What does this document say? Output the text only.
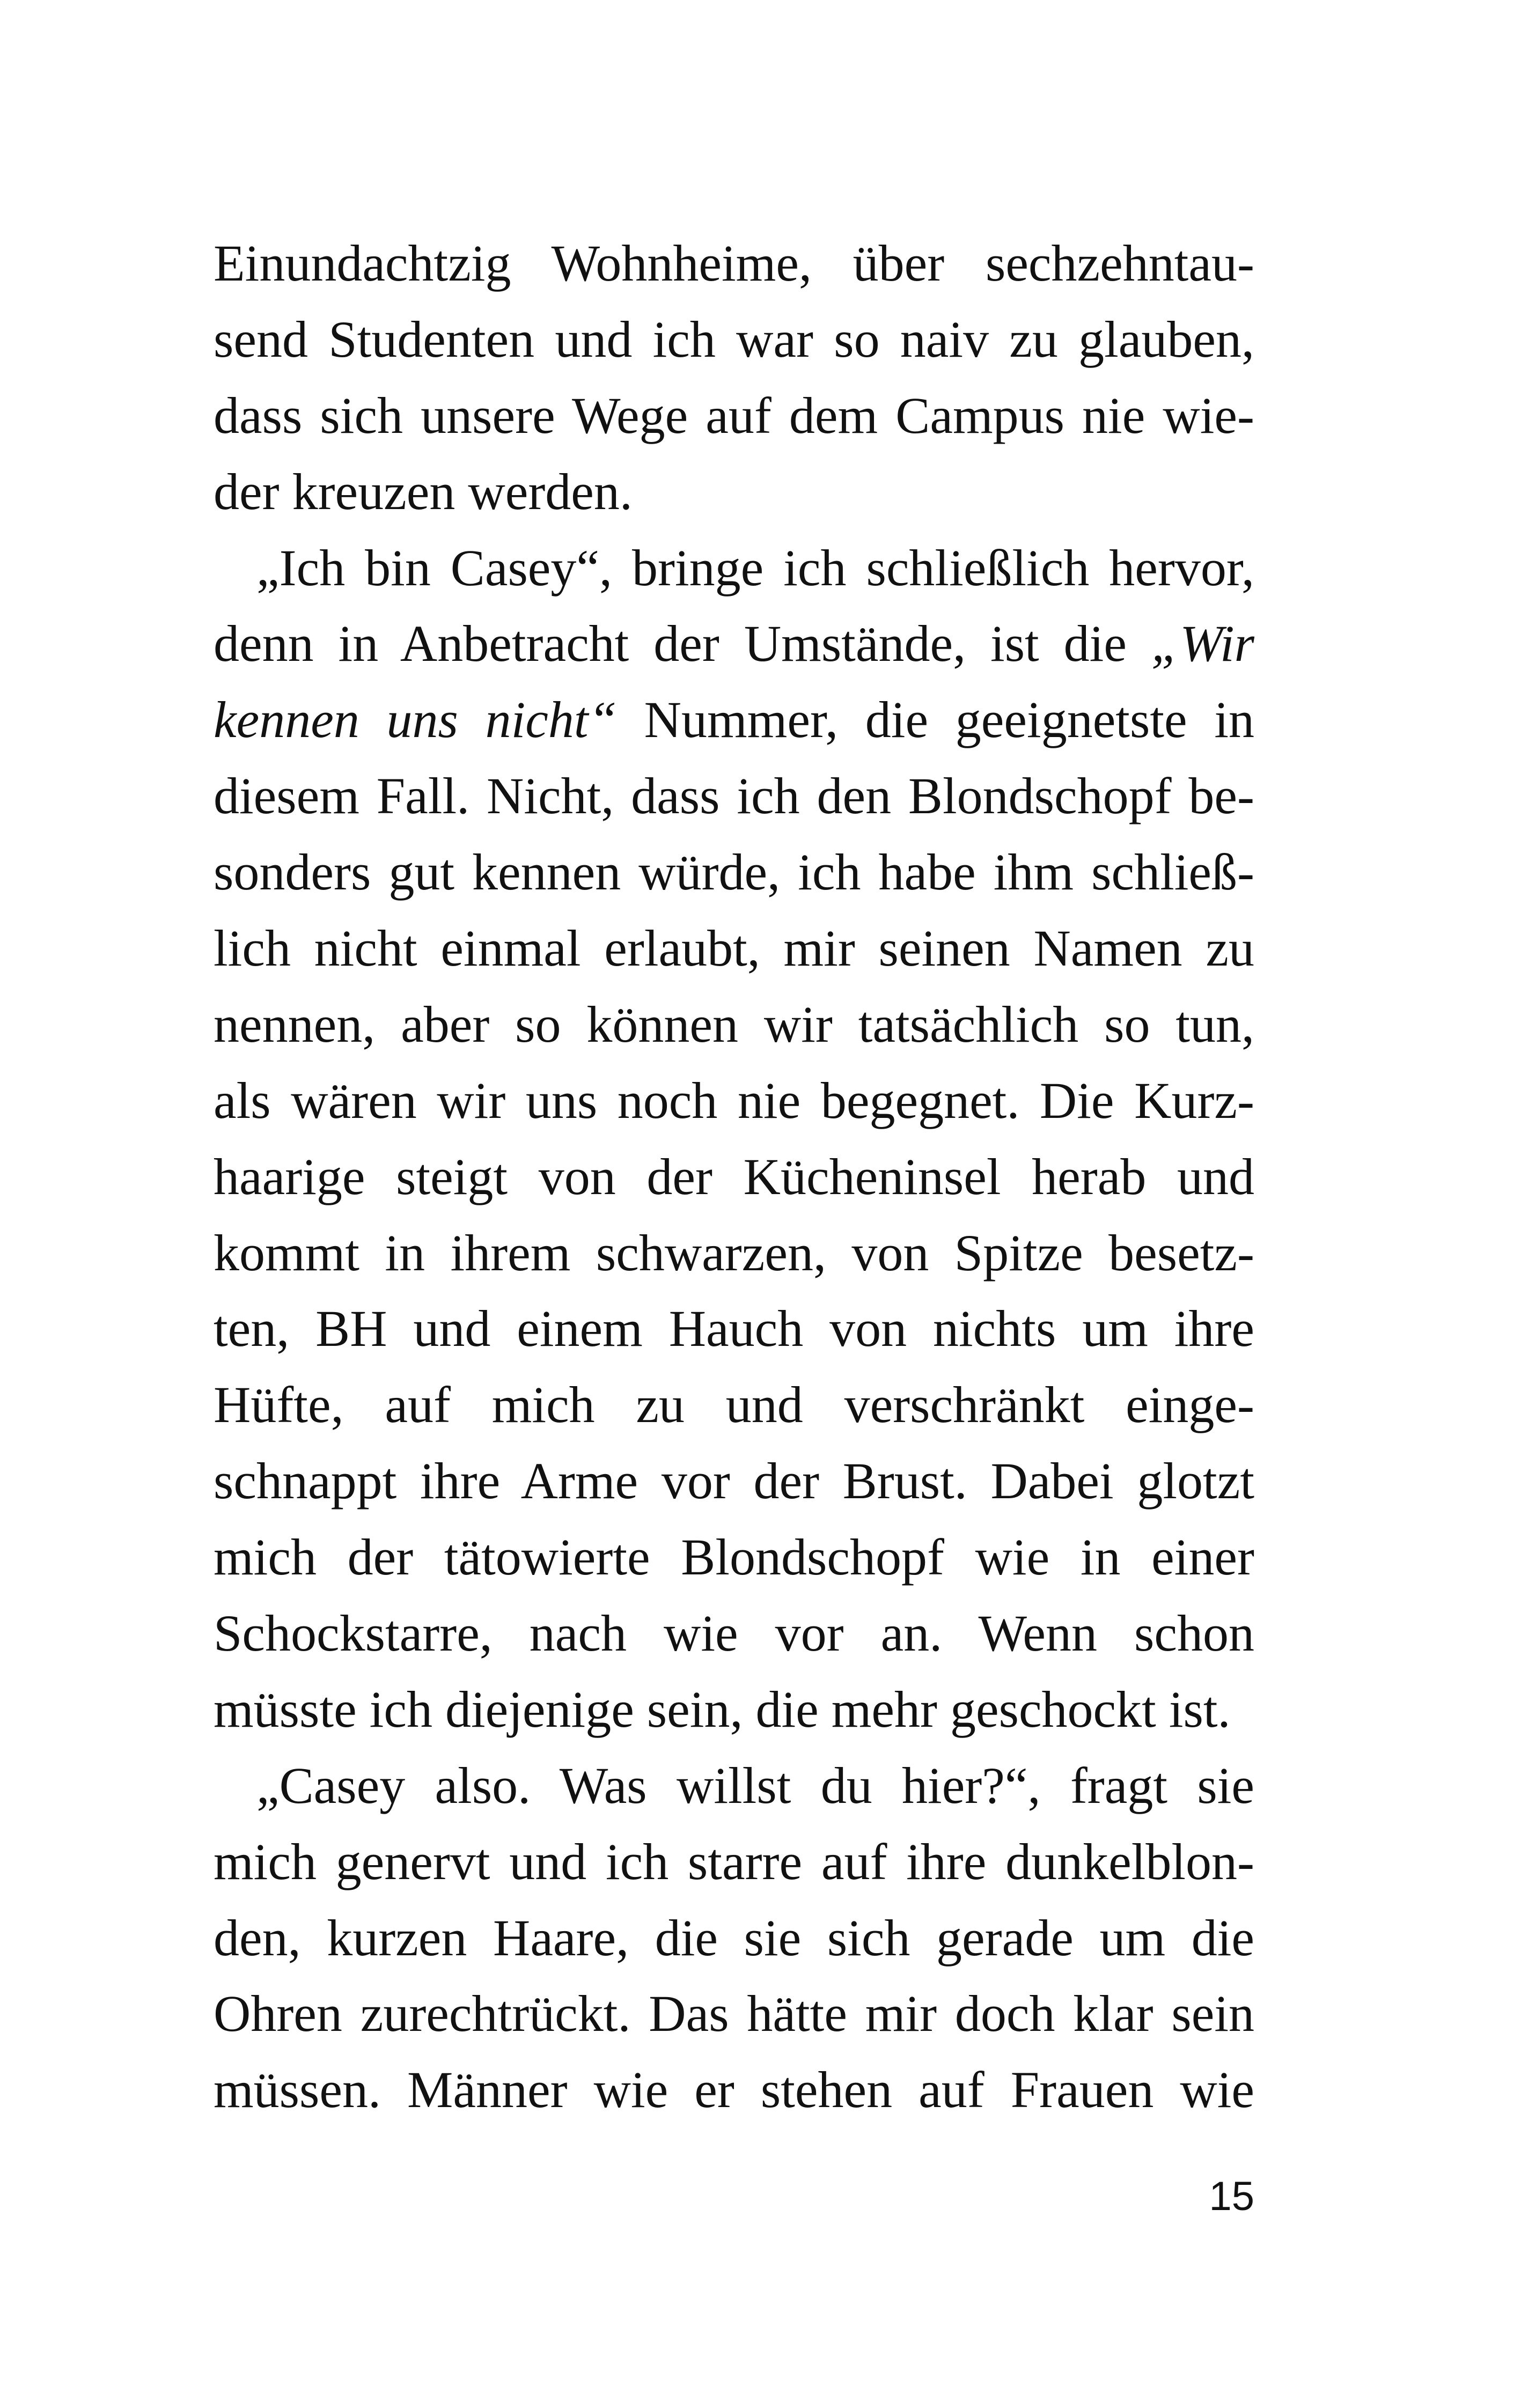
Einundachtzig Wohnheime, über sechzehntau-
send Studenten und ich war so naiv zu glauben,
dass sich unsere Wege auf dem Campus nie wie-
der kreuzen werden.
„Ich bin Casey“, bringe ich schließlich hervor,
denn in Anbetracht der Umstände, ist die „Wir
kennen uns nicht“ Nummer, die geeignetste in
diesem Fall. Nicht, dass ich den Blondschopf be-
sonders gut kennen würde, ich habe ihm schließ-
lich nicht einmal erlaubt, mir seinen Namen zu
nennen, aber so können wir tatsächlich so tun,
als wären wir uns noch nie begegnet. Die Kurz-
haarige steigt von der Kücheninsel herab und
kommt in ihrem schwarzen, von Spitze besetz-
ten, BH und einem Hauch von nichts um ihre
Hüfte, auf mich zu und verschränkt einge-
schnappt ihre Arme vor der Brust. Dabei glotzt
mich der tätowierte Blondschopf wie in einer
Schockstarre, nach wie vor an. Wenn schon
müsste ich diejenige sein, die mehr geschockt ist.
„Casey also. Was willst du hier?“, fragt sie
mich genervt und ich starre auf ihre dunkelblon-
den, kurzen Haare, die sie sich gerade um die
Ohren zurechtrückt. Das hätte mir doch klar sein
müssen. Männer wie er stehen auf Frauen wie
15
